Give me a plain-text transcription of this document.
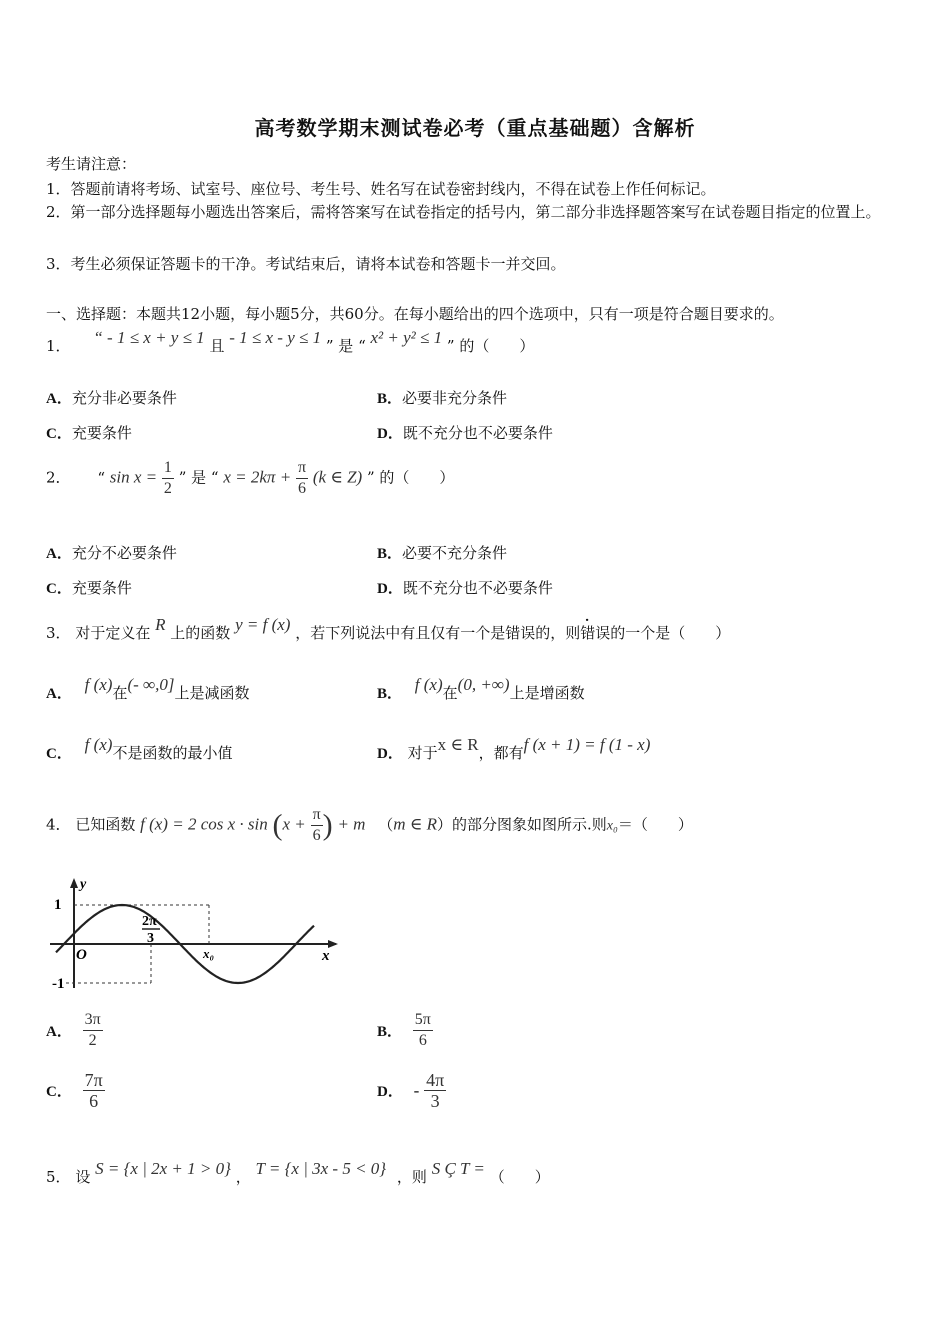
高考数学期末测试卷必考（重点基础题）含解析
考生请注意：
1．答题前请将考场、试室号、座位号、考生号、姓名写在试卷密封线内，不得在试卷上作任何标记。
2．第一部分选择题每小题选出答案后，需将答案写在试卷指定的括号内，第二部分非选择题答案写在试卷题目指定的位置上。
3．考生必须保证答题卡的干净。考试结束后，请将本试卷和答题卡一并交回。
一、选择题：本题共12小题，每小题5分，共60分。在每小题给出的四个选项中，只有一项是符合题目要求的。
1． “ - 1 ≤ x + y ≤ 1 且 - 1 ≤ x - y ≤ 1 ” 是 “ x² + y² ≤ 1 ” 的（　　）
A．充分非必要条件	B．必要非充分条件
C．充要条件	D．既不充分也不必要条件
2． “ $\sin x = \frac{1}{2}$ ” 是 “ $x = 2k\pi + \frac{\pi}{6} (k$ ∈ Z) ” 的（　　）
A．充分不必要条件	B．必要不充分条件
C．充要条件	D．既不充分也不必要条件
3． 对于定义在 R 上的函数 y = f (x) ，若下列说法中有且仅有一个是错误的，则错误的一个是（　　）
A． f (x)在(- ∞,0]上是减函数	B． f (x)在(0, +∞)上是增函数
C． f (x)不是函数的最小值	D． 对于x ∈ R，都有f (x + 1) = f (1 - x)
4． 已知函数 f (x) = 2 $\cos x \cdot \sin (x + \frac{\pi}{6}$ ) + m （m ∈ R）的部分图象如图所示.则x₀＝（　　）
1
-1
O	x
y
2π
3
x₀
A． $\frac{3\pi}{2}$	B． $\frac{5\pi}{6}$
C． $\frac{7\pi}{6}$	D． - $\frac{4\pi}{3}$
5． 设 S = {x | 2x + 1 > 0} ， T = {x | 3x - 5 < 0} ，则 S Ç T = （　　）
